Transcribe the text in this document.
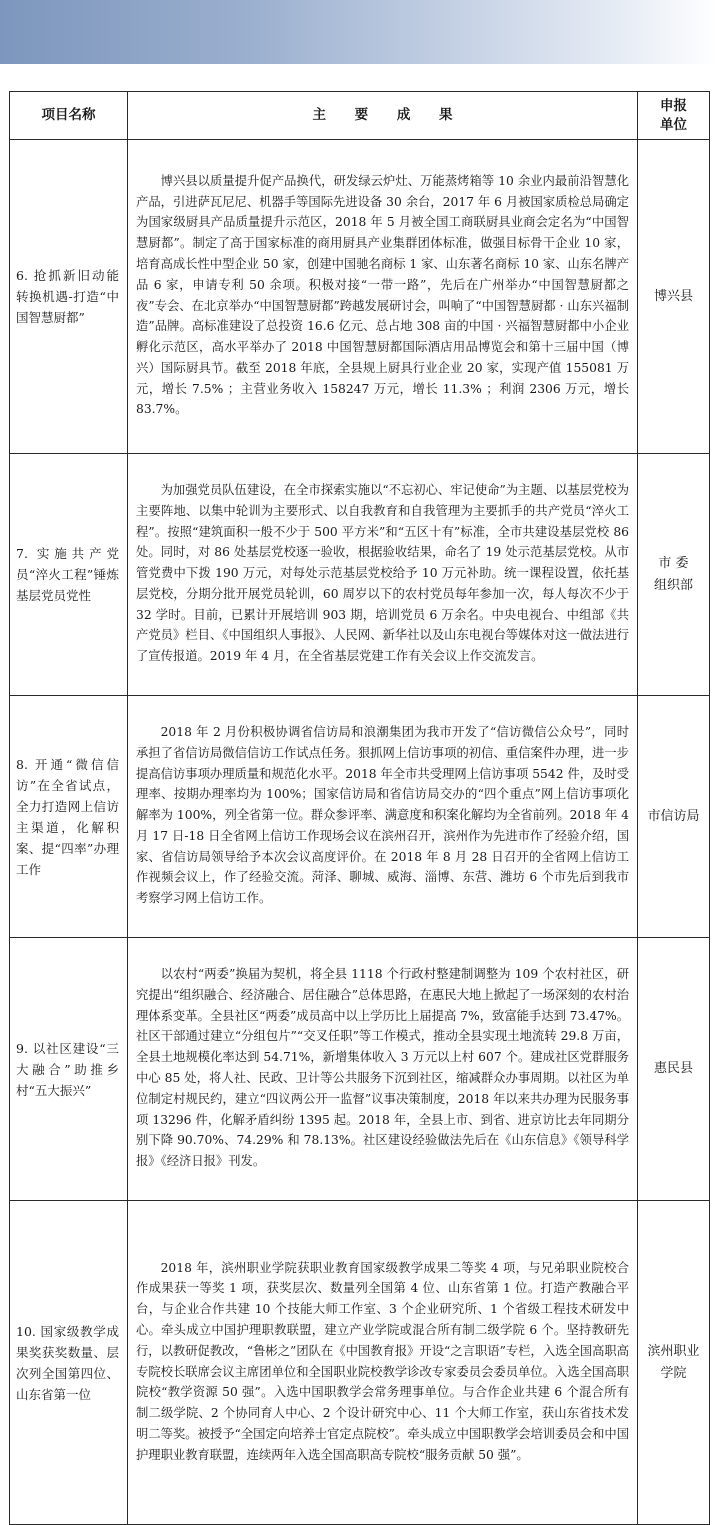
项目名称	主 要 成 果	申报
单位
6. 抢抓新旧动能转换机遇-打造“中国智慧厨都”	博兴县以质量提升促产品换代，研发绿云炉灶、万能蒸烤箱等 10 余业内最前沿智慧化产品，引进萨瓦尼尼、机器手等国际先进设备 30 余台，2017 年 6 月被国家质检总局确定为国家级厨具产品质量提升示范区，2018 年 5 月被全国工商联厨具业商会定名为“中国智慧厨都”。制定了高于国家标准的商用厨具产业集群团体标准，做强目标骨干企业 10 家，培育高成长性中型企业 50 家，创建中国驰名商标 1 家、山东著名商标 10 家、山东名牌产品 6 家，申请专利 50 余项。积极对接“一带一路”，先后在广州举办“中国智慧厨都之夜”专会、在北京举办“中国智慧厨都”跨越发展研讨会，叫响了“中国智慧厨都 · 山东兴福制造”品牌。高标准建设了总投资 16.6 亿元、总占地 308 亩的中国 · 兴福智慧厨都中小企业孵化示范区，高水平举办了 2018 中国智慧厨都国际酒店用品博览会和第十三届中国（博兴）国际厨具节。截至 2018 年底，全县规上厨具行业企业 20 家，实现产值 155081 万元，增长 7.5% ；主营业务收入 158247 万元，增长 11.3% ；利润 2306 万元，增长 83.7%。	博兴县
7. 实施共产党员“淬火工程”锤炼基层党员党性	为加强党员队伍建设，在全市探索实施以“不忘初心、牢记使命”为主题、以基层党校为主要阵地、以集中轮训为主要形式、以自我教育和自我管理为主要抓手的共产党员“淬火工程”。按照“建筑面积一般不少于 500 平方米”和“五区十有”标准，全市共建设基层党校 86 处。同时，对 86 处基层党校逐一验收，根据验收结果，命名了 19 处示范基层党校。从市管党费中下拨 190 万元，对每处示范基层党校给予 10 万元补助。统一课程设置，依托基层党校，分期分批开展党员轮训，60 周岁以下的农村党员每年参加一次，每人每次不少于 32 学时。目前，已累计开展培训 903 期，培训党员 6 万余名。中央电视台、中组部《共产党员》栏目、《中国组织人事报》、人民网、新华社以及山东电视台等媒体对这一做法进行了宣传报道。2019 年 4 月，在全省基层党建工作有关会议上作交流发言。	市 委
组织部
8. 开通“微信信访”在全省试点，全力打造网上信访主渠道，化解积案、提“四率”办理工作	2018 年 2 月份积极协调省信访局和浪潮集团为我市开发了“信访微信公众号”，同时承担了省信访局微信信访工作试点任务。狠抓网上信访事项的初信、重信案件办理，进一步提高信访事项办理质量和规范化水平。2018 年全市共受理网上信访事项 5542 件，及时受理率、按期办理率均为 100%；国家信访局和省信访局交办的“四个重点”网上信访事项化解率为 100%，列全省第一位。群众参评率、满意度和积案化解均为全省前列。2018 年 4 月 17 日-18 日全省网上信访工作现场会议在滨州召开，滨州作为先进市作了经验介绍，国家、省信访局领导给予本次会议高度评价。在 2018 年 8 月 28 日召开的全省网上信访工作视频会议上，作了经验交流。菏泽、聊城、威海、淄博、东营、潍坊 6 个市先后到我市考察学习网上信访工作。	市信访局
9. 以社区建设“三大融合”助推乡村“五大振兴”	以农村“两委”换届为契机，将全县 1118 个行政村整建制调整为 109 个农村社区，研究提出“组织融合、经济融合、居住融合”总体思路，在惠民大地上掀起了一场深刻的农村治理体系变革。全县社区“两委”成员高中以上学历比上届提高 7%，致富能手达到 73.47%。社区干部通过建立“分组包片”“交叉任职”等工作模式，推动全县实现土地流转 29.8 万亩，全县土地规模化率达到 54.71%，新增集体收入 3 万元以上村 607 个。建成社区党群服务中心 85 处，将人社、民政、卫计等公共服务下沉到社区，缩减群众办事周期。以社区为单位制定村规民约，建立“四议两公开一监督”议事决策制度，2018 年以来共办理为民服务事项 13296 件，化解矛盾纠纷 1395 起。2018 年，全县上市、到省、进京访比去年同期分别下降 90.70%、74.29% 和 78.13%。社区建设经验做法先后在《山东信息》《领导科学报》《经济日报》刊发。	惠民县
10. 国家级教学成果奖获奖数量、层次列全国第四位、山东省第一位	2018 年，滨州职业学院获职业教育国家级教学成果二等奖 4 项，与兄弟职业院校合作成果获一等奖 1 项，获奖层次、数量列全国第 4 位、山东省第 1 位。打造产教融合平台，与企业合作共建 10 个技能大师工作室、3 个企业研究所、1 个省级工程技术研发中心。牵头成立中国护理职教联盟，建立产业学院或混合所有制二级学院 6 个。坚持教研先行，以教研促教改，“鲁彬之”团队在《中国教育报》开设“之言职语”专栏，入选全国高职高专院校长联席会议主席团单位和全国职业院校教学诊改专家委员会委员单位。入选全国高职院校“教学资源 50 强”。入选中国职教学会常务理事单位。与合作企业共建 6 个混合所有制二级学院、2 个协同育人中心、2 个设计研究中心、11 个大师工作室，获山东省技术发明二等奖。被授予“全国定向培养士官定点院校”。牵头成立中国职教学会培训委员会和中国护理职业教育联盟，连续两年入选全国高职高专院校“服务贡献 50 强”。	滨州职业
学院
